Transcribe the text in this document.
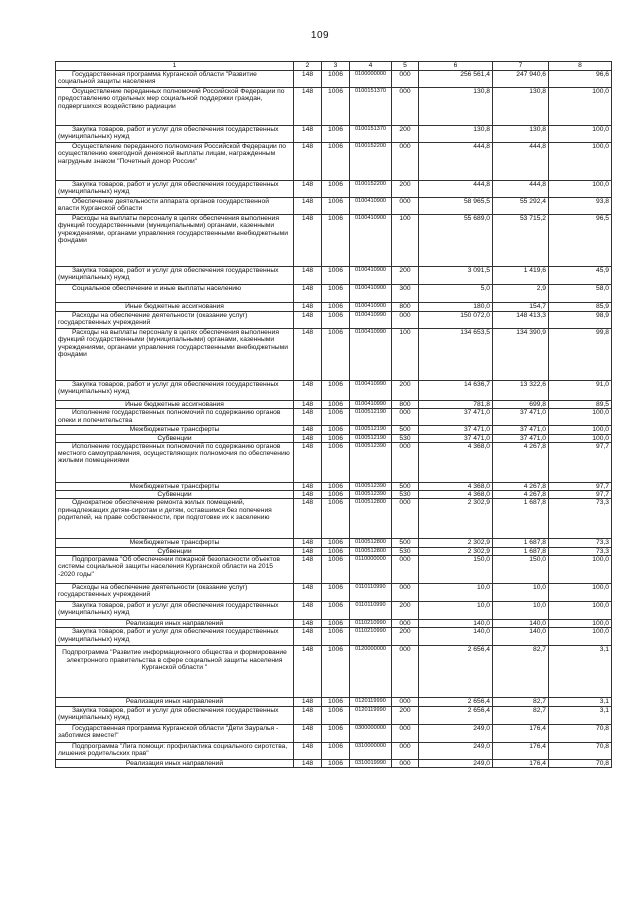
109
1	2	3	4	5	6	7	8
Государственная программа Курганской области "Развитие социальной защиты населения	148	1006	0100000000	000	256 561,4	247 940,6	96,6
Осуществление переданных полномочий Российской Федерации по предоставлению отдельных мер социальной поддержки граждан, подвергшихся воздействию радиации	148	1006	0100151370	000	130,8	130,8	100,0
Закупка товаров, работ и услуг для обеспечения государственных (муниципальных) нужд	148	1006	0100151370	200	130,8	130,8	100,0
Осуществление переданного полномочия Российской Федерации по осуществлению ежегодной денежной выплаты лицам, награжденным нагрудным знаком "Почетный донор России"	148	1006	0100152200	000	444,8	444,8	100,0
Закупка товаров, работ и услуг для обеспечения государственных (муниципальных) нужд	148	1006	0100152200	200	444,8	444,8	100,0
Обеспечение деятельности аппарата органов государственной власти Курганской области	148	1006	0100410900	000	58 965,5	55 292,4	93,8
Расходы на выплаты персоналу в целях обеспечения выполнения функций государственными (муниципальными) органами, казенными учреждениями, органами управления государственными внебюджетными фондами	148	1006	0100410900	100	55 689,0	53 715,2	96,5
Закупка товаров, работ и услуг для обеспечения государственных (муниципальных) нужд	148	1006	0100410900	200	3 091,5	1 419,6	45,9
Социальное обеспечение и иные выплаты населению	148	1006	0100410900	300	5,0	2,9	58,0
Иные бюджетные ассигнования	148	1006	0100410900	800	180,0	154,7	85,9
Расходы на обеспечение деятельности (оказание услуг) государственных учреждений	148	1006	0100410990	000	150 072,0	148 413,3	98,9
Расходы на выплаты персоналу в целях обеспечения выполнения функций государственными (муниципальными) органами, казенными учреждениями, органами управления государственными внебюджетными фондами	148	1006	0100410990	100	134 653,5	134 390,9	99,8
Закупка товаров, работ и услуг для обеспечения государственных (муниципальных) нужд	148	1006	0100410990	200	14 636,7	13 322,6	91,0
Иные бюджетные ассигнования	148	1006	0100410990	800	781,8	699,8	89,5
Исполнение государственных полномочий по содержанию органов опеки и попечительства	148	1006	0100512190	000	37 471,0	37 471,0	100,0
Межбюджетные трансферты	148	1006	0100512190	500	37 471,0	37 471,0	100,0
Субвенции	148	1006	0100512190	530	37 471,0	37 471,0	100,0
Исполнение государственных полномочий по содержанию органов местного самоуправления, осуществляющих полномочия по обеспечению жилыми помещениями	148	1006	0100512390	000	4 368,0	4 267,8	97,7
Межбюджетные трансферты	148	1006	0100512390	500	4 368,0	4 267,8	97,7
Субвенции	148	1006	0100512390	530	4 368,0	4 267,8	97,7
Однократное обеспечение ремонта жилых помещений, принадлежащих детям-сиротам и детям, оставшимся без попечения родителей, на праве собственности, при подготовке их к заселению	148	1006	0100512800	000	2 302,9	1 687,8	73,3
Межбюджетные трансферты	148	1006	0100512800	500	2 302,9	1 687,8	73,3
Субвенции	148	1006	0100512800	530	2 302,9	1 687,8	73,3
Подпрограмма "Об обеспечении пожарной безопасности объектов системы социальной защиты населения Курганской области на 2015 -2020 годы"	148	1006	0110000000	000	150,0	150,0	100,0
Расходы на обеспечение деятельности (оказание услуг) государственных учреждений	148	1006	0110110990	000	10,0	10,0	100,0
Закупка товаров, работ и услуг для обеспечения государственных (муниципальных) нужд	148	1006	0110110990	200	10,0	10,0	100,0
Реализация иных направлений	148	1006	0110210990	000	140,0	140,0	100,0
Закупка товаров, работ и услуг для обеспечения государственных (муниципальных) нужд	148	1006	0110210990	200	140,0	140,0	100,0
Подпрограмма "Развитие информационного общества и формирование электронного правительства в сфере социальной защиты населения Курганской области "	148	1006	0120000000	000	2 656,4	82,7	3,1
Реализация иных направлений	148	1006	0120119990	000	2 656,4	82,7	3,1
Закупка товаров, работ и услуг для обеспечения государственных (муниципальных) нужд	148	1006	0120119990	200	2 656,4	82,7	3,1
Государственная программа Курганской области "Дети Зауралья - заботимся вместе!"	148	1006	0300000000	000	249,0	176,4	70,8
Подпрограмма "Лига помощи: профилактика социального сиротства, лишения родительских прав"	148	1006	0310000000	000	249,0	176,4	70,8
Реализация иных направлений	148	1006	0310019990	000	249,0	176,4	70,8
